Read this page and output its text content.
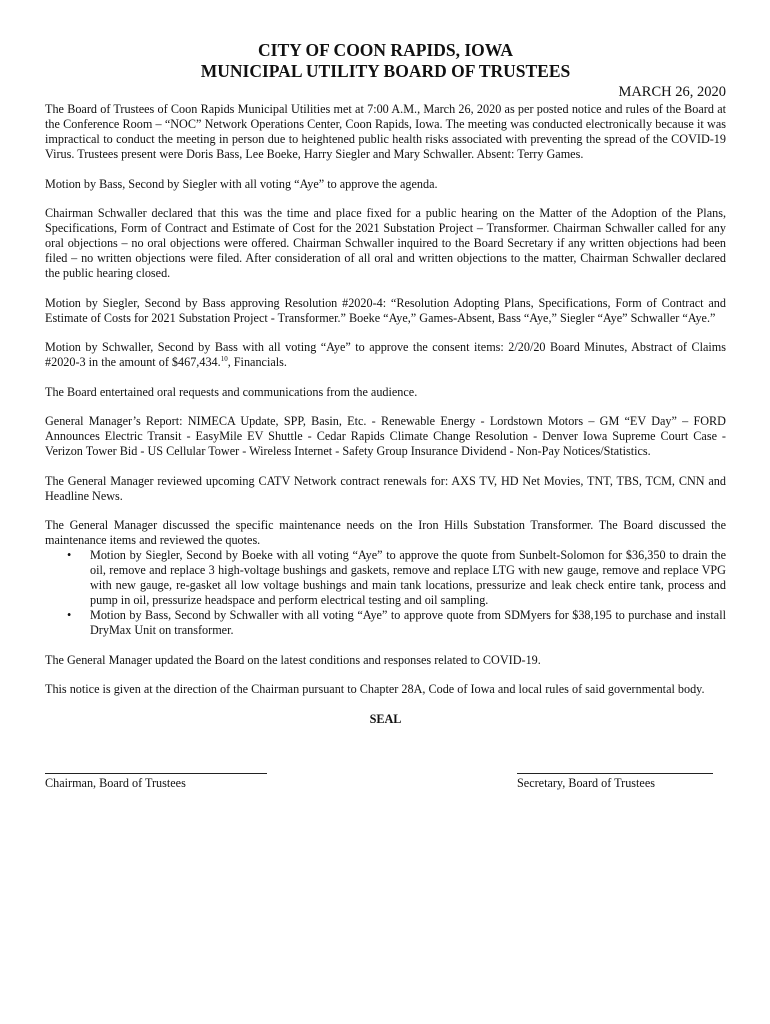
CITY OF COON RAPIDS, IOWA
MUNICIPAL UTILITY BOARD OF TRUSTEES
MARCH 26, 2020

The Board of Trustees of Coon Rapids Municipal Utilities met at 7:00 A.M., March 26, 2020 as per posted notice and rules of the Board at the Conference Room – “NOC” Network Operations Center, Coon Rapids, Iowa. The meeting was conducted electronically because it was impractical to conduct the meeting in person due to heightened public health risks associated with preventing the spread of the COVID-19 Virus. Trustees present were Doris Bass, Lee Boeke, Harry Siegler and Mary Schwaller. Absent: Terry Games.

Motion by Bass, Second by Siegler with all voting “Aye” to approve the agenda.

Chairman Schwaller declared that this was the time and place fixed for a public hearing on the Matter of the Adoption of the Plans, Specifications, Form of Contract and Estimate of Cost for the 2021 Substation Project – Transformer. Chairman Schwaller called for any oral objections – no oral objections were offered. Chairman Schwaller inquired to the Board Secretary if any written objections had been filed – no written objections were filed. After consideration of all oral and written objections to the matter, Chairman Schwaller declared the public hearing closed.

Motion by Siegler, Second by Bass approving Resolution #2020-4: “Resolution Adopting Plans, Specifications, Form of Contract and Estimate of Costs for 2021 Substation Project - Transformer.” Boeke “Aye,” Games-Absent, Bass “Aye,” Siegler “Aye” Schwaller “Aye.”

Motion by Schwaller, Second by Bass with all voting “Aye” to approve the consent items: 2/20/20 Board Minutes, Abstract of Claims #2020-3 in the amount of $467,434.10, Financials.

The Board entertained oral requests and communications from the audience.

General Manager’s Report: NIMECA Update, SPP, Basin, Etc. - Renewable Energy - Lordstown Motors – GM “EV Day” – FORD Announces Electric Transit - EasyMile EV Shuttle - Cedar Rapids Climate Change Resolution - Denver Iowa Supreme Court Case - Verizon Tower Bid - US Cellular Tower - Wireless Internet - Safety Group Insurance Dividend - Non-Pay Notices/Statistics.

The General Manager reviewed upcoming CATV Network contract renewals for: AXS TV, HD Net Movies, TNT, TBS, TCM, CNN and Headline News.

The General Manager discussed the specific maintenance needs on the Iron Hills Substation Transformer. The Board discussed the maintenance items and reviewed the quotes.

• Motion by Siegler, Second by Boeke with all voting “Aye” to approve the quote from Sunbelt-Solomon for $36,350 to drain the oil, remove and replace 3 high-voltage bushings and gaskets, remove and replace LTG with new gauge, remove and replace VPG with new gauge, re-gasket all low voltage bushings and main tank locations, pressurize and leak check entire tank, process and pump in oil, pressurize headspace and perform electrical testing and oil sampling.
• Motion by Bass, Second by Schwaller with all voting “Aye” to approve quote from SDMyers for $38,195 to purchase and install DryMax Unit on transformer.

The General Manager updated the Board on the latest conditions and responses related to COVID-19.

This notice is given at the direction of the Chairman pursuant to Chapter 28A, Code of Iowa and local rules of said governmental body.

SEAL
Chairman, Board of Trustees	Secretary, Board of Trustees
